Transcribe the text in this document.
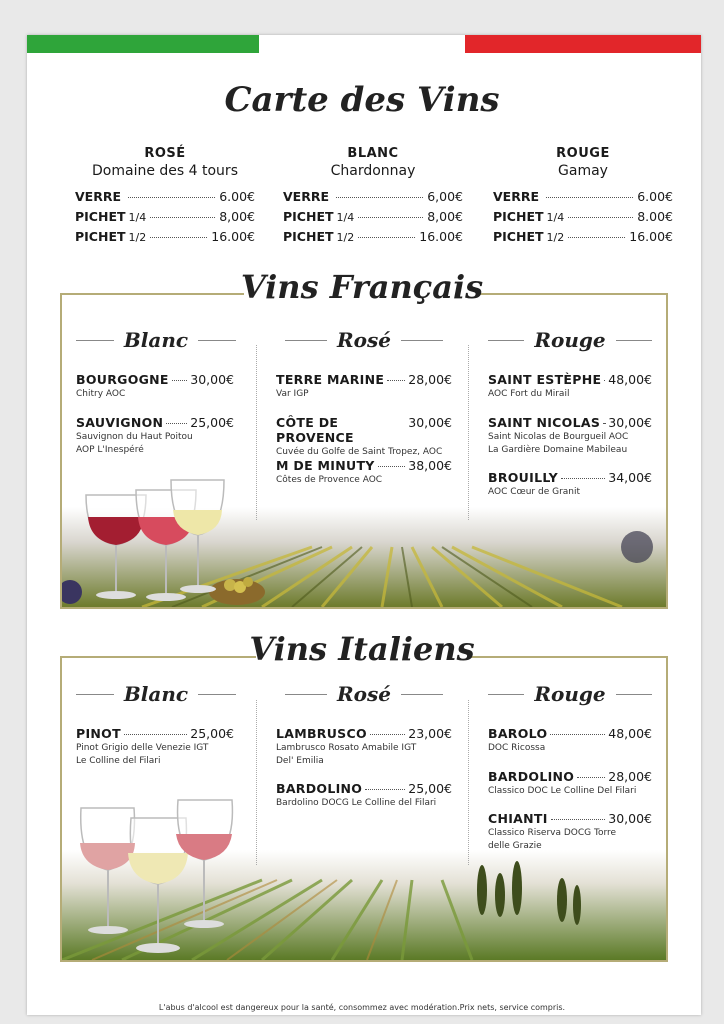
Carte des Vins
ROSÉ
Domaine des 4 tours
VERRE	6.00€
PICHET 1/4	8,00€
PICHET 1/2	16.00€
BLANC
Chardonnay
VERRE	6,00€
PICHET 1/4	8,00€
PICHET 1/2	16.00€
ROUGE
Gamay
VERRE	6.00€
PICHET 1/4	8.00€
PICHET 1/2	16.00€
Vins Français
Blanc	Rosé	Rouge
BOURGOGNE 30,00€
Chitry AOC
SAUVIGNON 25,00€
Sauvignon du Haut Poitou
AOP L'Inespéré
TERRE MARINE 28,00€
Var IGP
CÔTE DE PROVENCE
30,00€
Cuvée du Golfe de Saint Tropez, AOC
M DE MINUTY	38,00€
Côtes de Provence AOC
SAINT ESTÈPHE 48,00€
AOC Fort du Mirail
SAINT NICOLAS 30,00€
Saint Nicolas de Bourgueil AOC
La Gardière Domaine Mabileau
BROUILLY	34,00€
AOC Cœur de Granit
Vins Italiens
Blanc	Rosé	Rouge
PINOT	25,00€
Pinot Grigio delle Venezie IGT
Le Colline del Filari
LAMBRUSCO	23,00€
Lambrusco Rosato Amabile IGT
Del' Emilia
BARDOLINO	25,00€
Bardolino DOCG Le Colline del Filari
BAROLO	48,00€
DOC Ricossa
BARDOLINO	28,00€
Classico DOC Le Colline Del Filari
CHIANTI	30,00€
Classico Riserva DOCG Torre
delle Grazie
L'abus d'alcool est dangereux pour la santé, consommez avec modération.Prix nets, service compris.
